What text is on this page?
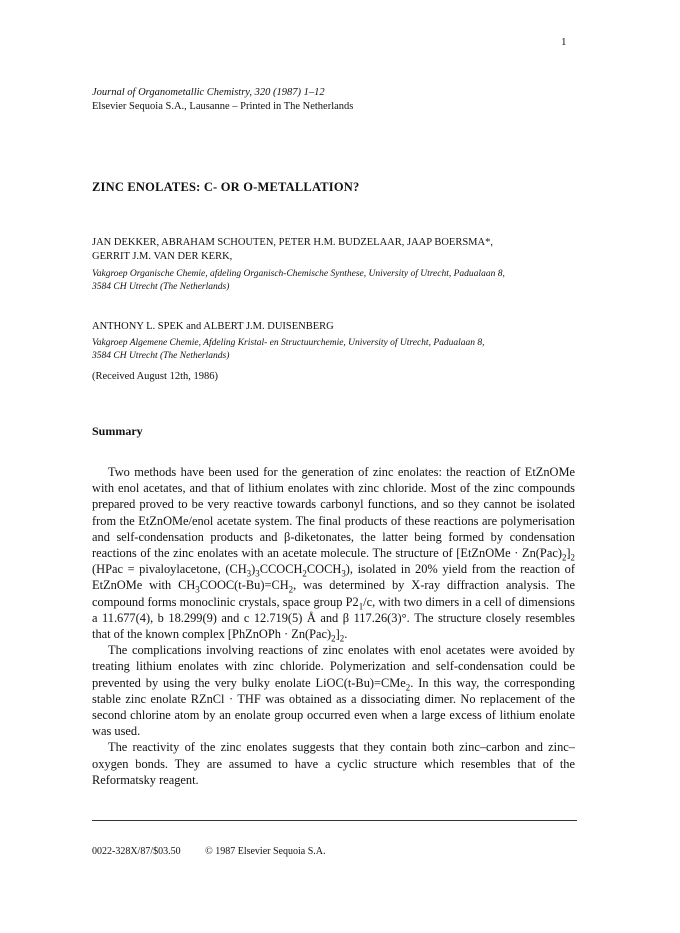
1
Journal of Organometallic Chemistry, 320 (1987) 1–12
Elsevier Sequoia S.A., Lausanne – Printed in The Netherlands
ZINC ENOLATES: C- OR O-METALLATION?
JAN DEKKER, ABRAHAM SCHOUTEN, PETER H.M. BUDZELAAR, JAAP BOERSMA*,
GERRIT J.M. VAN DER KERK,
Vakgroep Organische Chemie, afdeling Organisch-Chemische Synthese, University of Utrecht, Padualaan 8,
3584 CH Utrecht (The Netherlands)
ANTHONY L. SPEK and ALBERT J.M. DUISENBERG
Vakgroep Algemene Chemie, Afdeling Kristal- en Structuurchemie, University of Utrecht, Padualaan 8,
3584 CH Utrecht (The Netherlands)
(Received August 12th, 1986)
Summary

Two methods have been used for the generation of zinc enolates: the reaction of EtZnOMe with enol acetates, and that of lithium enolates with zinc chloride. Most of the zinc compounds prepared proved to be very reactive towards carbonyl functions, and so they cannot be isolated from the EtZnOMe/enol acetate system. The final products of these reactions are polymerisation and self-condensation products and β-diketonates, the latter being formed by condensation reactions of the zinc enolates with an acetate molecule. The structure of [EtZnOMe · $Zn(Pac)_2]_2$ (HPac = pivaloylacetone, $(CH_3)_3CCOCH_2COCH_3$), isolated in 20% yield from the reaction of EtZnOMe with $CH_3COOC(t-Bu)=CH_2$, was determined by X-ray diffraction analysis. The compound forms monoclinic crystals, space group $P2_1/c$, with two dimers in a cell of dimensions a 11.677(4), b 18.299(9) and c 12.719(5) Å and β 117.26(3)°. The structure closely resembles that of the known complex [PhZnOPh · $Zn(Pac)_2]_2$.

The complications involving reactions of zinc enolates with enol acetates were avoided by treating lithium enolates with zinc chloride. Polymerization and self-condensation could be prevented by using the very bulky enolate LiOC(t-Bu)=CMe$_2$. In this way, the corresponding stable zinc enolate RZnCl · THF was obtained as a dissociating dimer. No replacement of the second chlorine atom by an enolate group occurred even when a large excess of lithium enolate was used.

The reactivity of the zinc enolates suggests that they contain both zinc–carbon and zinc–oxygen bonds. They are assumed to have a cyclic structure which resembles that of the Reformatsky reagent.

0022-328X/87/$03.50 © 1987 Elsevier Sequoia S.A.
